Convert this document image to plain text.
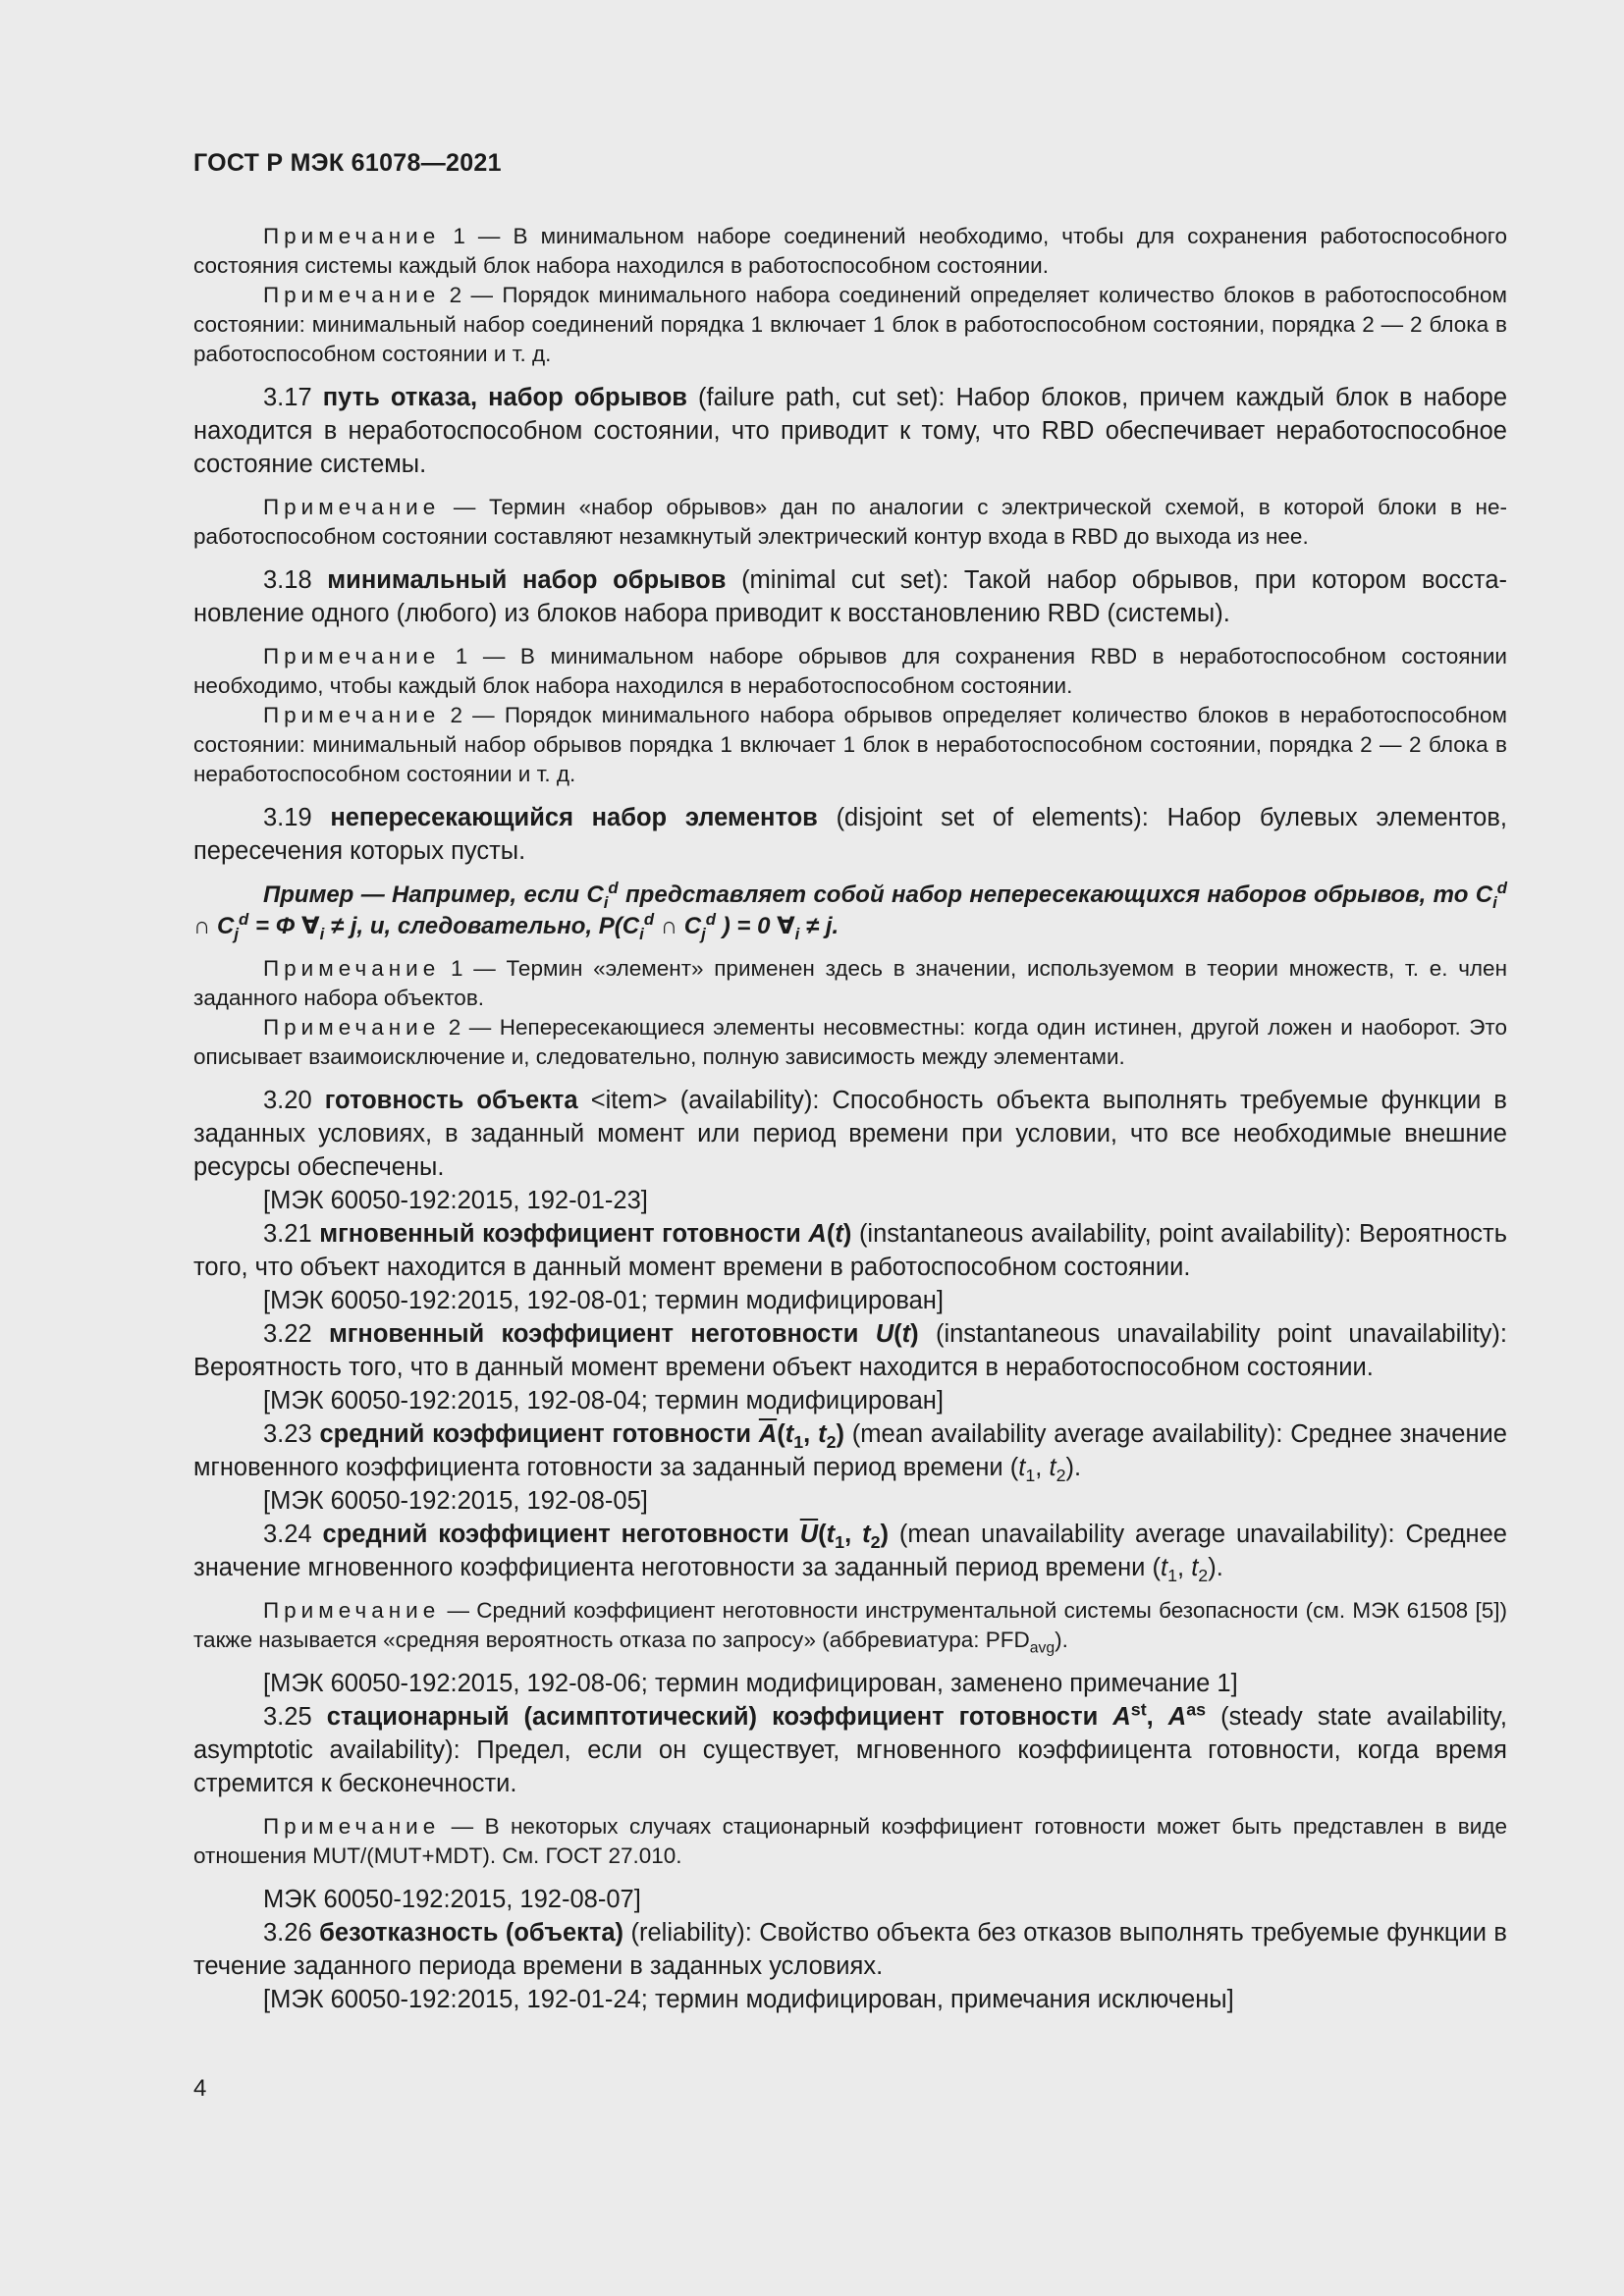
ГОСТ Р МЭК 61078—2021

Примечание 1 — В минимальном наборе соединений необходимо, чтобы для сохранения работоспособного состояния системы каждый блок набора находился в работоспособном состоянии.

Примечание 2 — Порядок минимального набора соединений определяет количество блоков в работоспособном состоянии: минимальный набор соединений порядка 1 включает 1 блок в работоспособном состоянии, порядка 2 — 2 блока в работоспособном состоянии и т. д.

3.17 путь отказа, набор обрывов (failure path, cut set): Набор блоков, причем каждый блок в наборе находится в неработоспособном состоянии, что приводит к тому, что RBD обеспечивает неработоспособное состояние системы.

Примечание — Термин «набор обрывов» дан по аналогии с электрической схемой, в которой блоки в неработоспособном состоянии составляют незамкнутый электрический контур входа в RBD до выхода из нее.

3.18 минимальный набор обрывов (minimal cut set): Такой набор обрывов, при котором восстановление одного (любого) из блоков набора приводит к восстановлению RBD (системы).

Примечание 1 — В минимальном наборе обрывов для сохранения RBD в неработоспособном состоянии необходимо, чтобы каждый блок набора находился в неработоспособном состоянии.

Примечание 2 — Порядок минимального набора обрывов определяет количество блоков в неработоспособном состоянии: минимальный набор обрывов порядка 1 включает 1 блок в неработоспособном состоянии, порядка 2 — 2 блока в неработоспособном состоянии и т. д.

3.19 непересекающийся набор элементов (disjoint set of elements): Набор булевых элементов, пересечения которых пусты.

Пример — Например, если $C_i^d$ представляет собой набор непересекающихся наборов обрывов, то $C_i^d$ ∩ $C_j^d = \Phi$ $\forall_i \ne j$, и, следовательно, $P(C_i^d$ ∩ $C_j^d$ ) = 0 $\forall_i \ne j$.

Примечание 1 — Термин «элемент» применен здесь в значении, используемом в теории множеств, т. е. член заданного набора объектов.

Примечание 2 — Непересекающиеся элементы несовместны: когда один истинен, другой ложен и наоборот. Это описывает взаимоисключение и, следовательно, полную зависимость между элементами.

3.20 готовность объекта <item> (availability): Способность объекта выполнять требуемые функции в заданных условиях, в заданный момент или период времени при условии, что все необходимые внешние ресурсы обеспечены.

[МЭК 60050-192:2015, 192-01-23]

3.21 мгновенный коэффициент готовности A(t) (instantaneous availability, point availability): Вероятность того, что объект находится в данный момент времени в работоспособном состоянии.

[МЭК 60050-192:2015, 192-08-01; термин модифицирован]

3.22 мгновенный коэффициент неготовности U(t) (instantaneous unavailability point unavailability): Вероятность того, что в данный момент времени объект находится в неработоспособном состоянии.

[МЭК 60050-192:2015, 192-08-04; термин модифицирован]

3.23 средний коэффициент готовности $\overline{A}(t_1$, $t_2$) (mean availability average availability): Среднее значение мгновенного коэффициента готовности за заданный период времени ($t_1$, $t_2$).

[МЭК 60050-192:2015, 192-08-05]

3.24 средний коэффициент неготовности $\overline{U}(t_1$, $t_2$) (mean unavailability average unavailability): Среднее значение мгновенного коэффициента неготовности за заданный период времени ($t_1$, $t_2$).

Примечание — Средний коэффициент неготовности инструментальной системы безопасности (см. МЭК 61508 [5]) также называется «средняя вероятность отказа по запросу» (аббревиатура: $PFD_{avg}$).

[МЭК 60050-192:2015, 192-08-06; термин модифицирован, заменено примечание 1]

3.25 стационарный (асимптотический) коэффициент готовности $A^{st}$, $A^{as}$ (steady state availability, asymptotic availability): Предел, если он существует, мгновенного коэффиицента готовности, когда время стремится к бесконечности.

Примечание — В некоторых случаях стационарный коэффициент готовности может быть представлен в виде отношения MUT/(MUT+MDT). См. ГОСТ 27.010.

МЭК 60050-192:2015, 192-08-07]

3.26 безотказность (объекта) (reliability): Свойство объекта без отказов выполнять требуемые функции в течение заданного периода времени в заданных условиях.

[МЭК 60050-192:2015, 192-01-24; термин модифицирован, примечания исключены]

4
